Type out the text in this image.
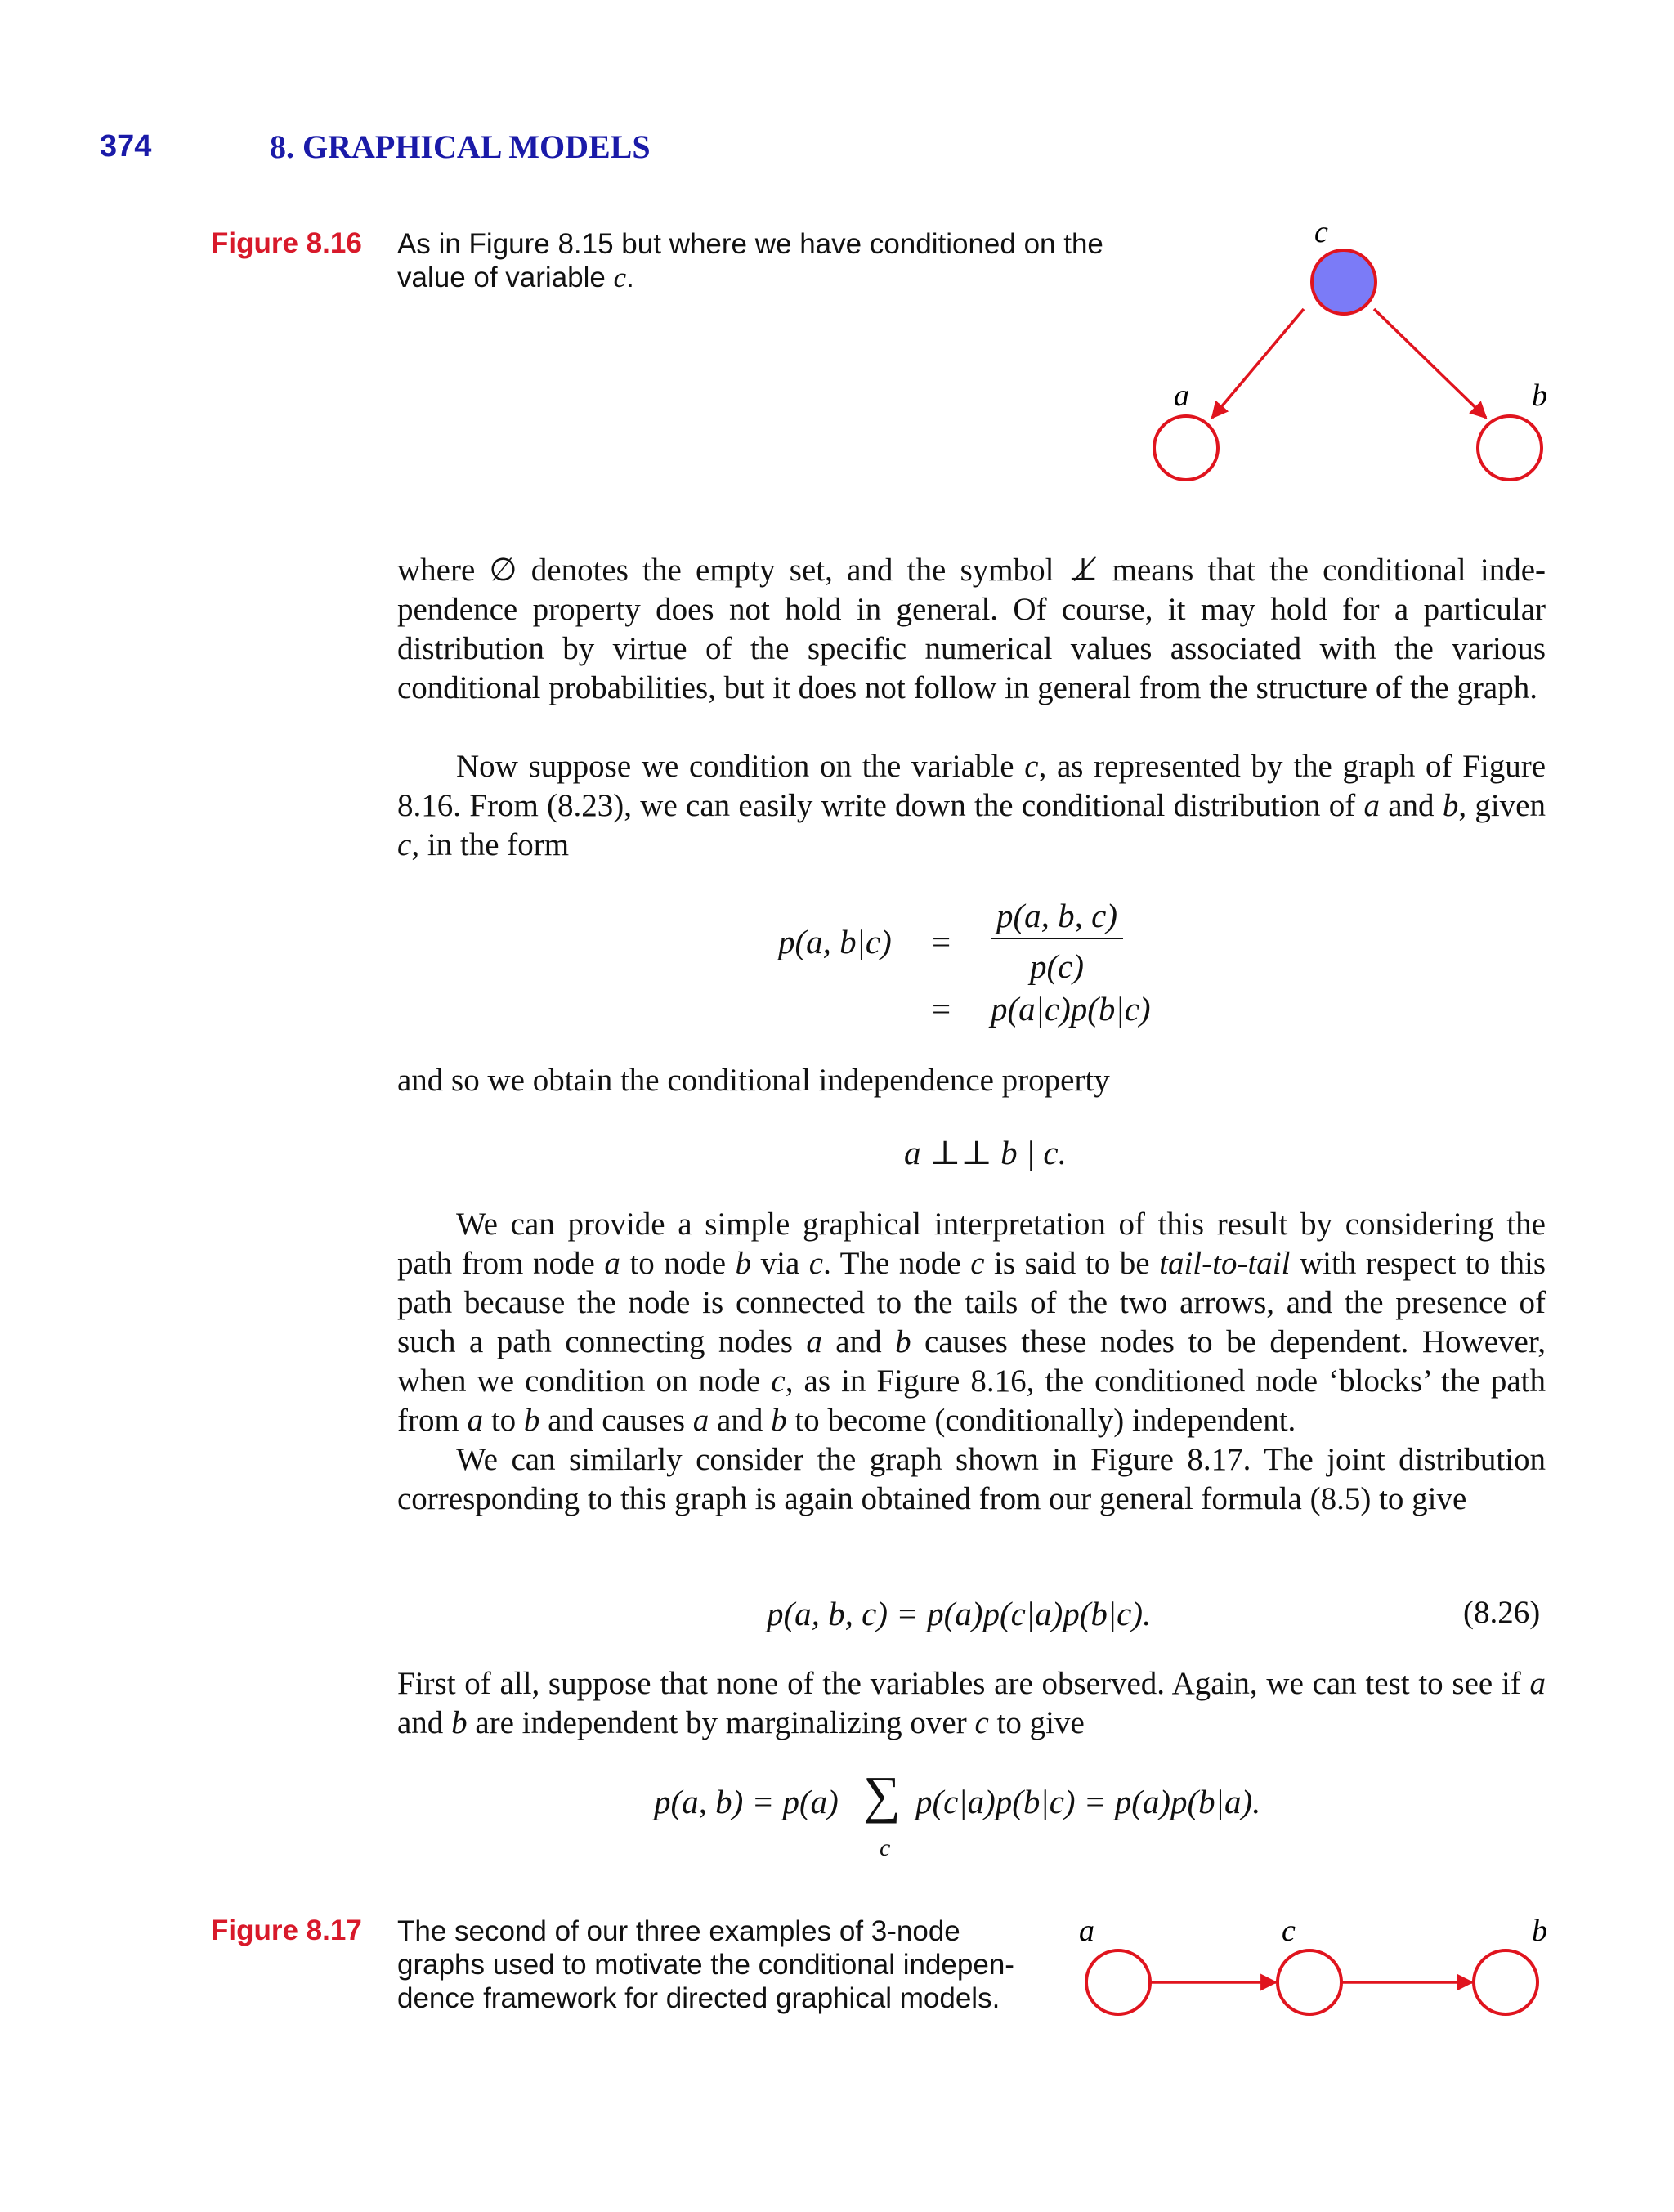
374	8. GRAPHICAL MODELS
Figure 8.16 As in Figure 8.15 but where we have conditioned on the
value of variable c.
c
a	b

where ∅ denotes the empty set, and the symbol ⊥̸ means that the conditional inde- pendence property does not hold in general. Of course, it may hold for a particular distribution by virtue of the specific numerical values associated with the various conditional probabilities, but it does not follow in general from the structure of the graph.

Now suppose we condition on the variable c, as represented by the graph of Figure 8.16. From (8.23), we can easily write down the conditional distribution of a and b, given c, in the form

p(a, b|c) =
p(a, b, c)
p(c)
= p(a|c)p(b|c)

and so we obtain the conditional independence property

a ⊥⊥ b | c.

We can provide a simple graphical interpretation of this result by considering the path from node a to node b via c. The node c is said to be tail-to-tail with respect to this path because the node is connected to the tails of the two arrows, and the presence of such a path connecting nodes a and b causes these nodes to be dependent. However, when we condition on node c, as in Figure 8.16, the conditioned node ‘blocks’ the path from a to b and causes a and b to become (conditionally) independent.

We can similarly consider the graph shown in Figure 8.17. The joint distribution corresponding to this graph is again obtained from our general formula (8.5) to give

p(a, b, c) = p(a)p(c|a)p(b|c).	(8.26)

First of all, suppose that none of the variables are observed. Again, we can test to see if a and b are independent by marginalizing over c to give

p(a, b) = p(a) ∑
c
p(c|a)p(b|c) = p(a)p(b|a).
Figure 8.17 The second of our three examples of 3-node
graphs used to motivate the conditional indepen-
dence framework for directed graphical models.
a	c	b
